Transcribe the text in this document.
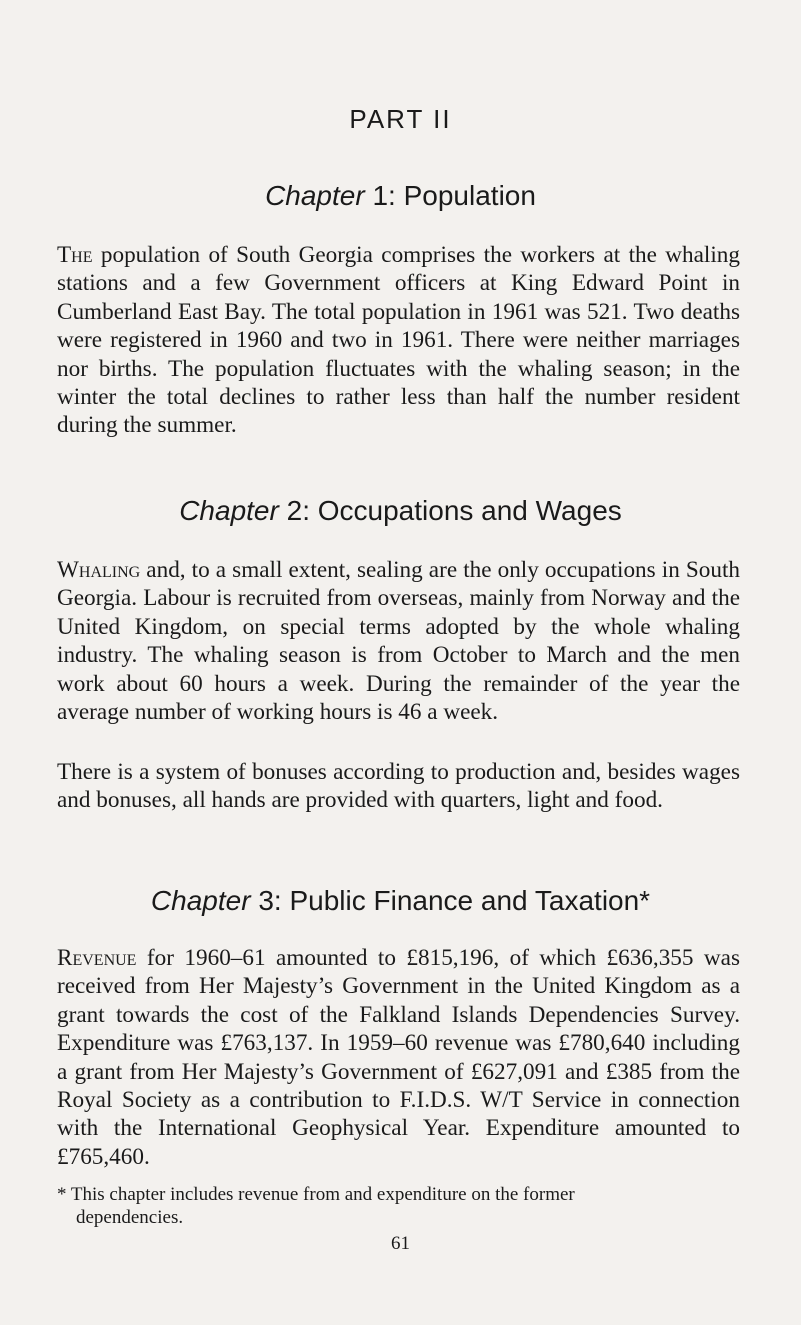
PART II
Chapter 1: Population

The population of South Georgia comprises the workers at the whaling stations and a few Government officers at King Edward Point in Cumberland East Bay. The total population in 1961 was 521. Two deaths were registered in 1960 and two in 1961. There were neither marriages nor births. The population fluctuates with the whaling season; in the winter the total declines to rather less than half the number resident during the summer.

Chapter 2: Occupations and Wages

Whaling and, to a small extent, sealing are the only occupations in South Georgia. Labour is recruited from overseas, mainly from Norway and the United Kingdom, on special terms adopted by the whole whaling industry. The whaling season is from October to March and the men work about 60 hours a week. During the remainder of the year the average number of working hours is 46 a week.

There is a system of bonuses according to production and, besides wages and bonuses, all hands are provided with quarters, light and food.

Chapter 3: Public Finance and Taxation*

Revenue for 1960–61 amounted to £815,196, of which £636,355 was received from Her Majesty’s Government in the United Kingdom as a grant towards the cost of the Falkland Islands Dependencies Survey. Expenditure was £763,137. In 1959–60 revenue was £780,640 including a grant from Her Majesty’s Government of £627,091 and £385 from the Royal Society as a contribution to F.I.D.S. W/T Service in connection with the International Geophysical Year. Expenditure amounted to £765,460.

* This chapter includes revenue from and expenditure on the former
dependencies.

61
